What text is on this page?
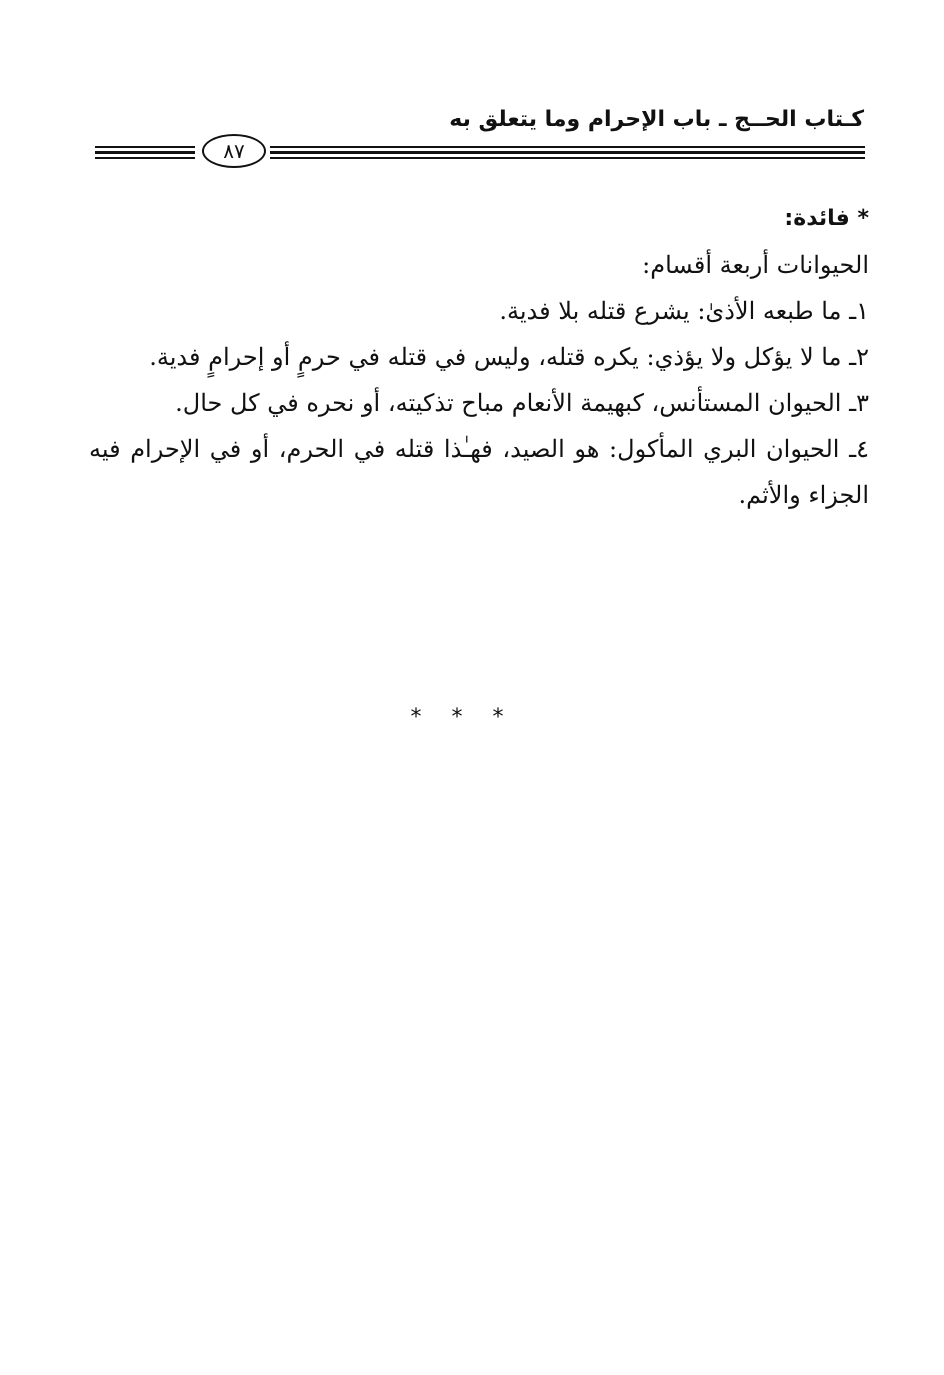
كـتاب الحــج ـ باب الإحرام وما يتعلق به
٨٧

* فائدة:

الحيوانات أربعة أقسام:

١ـ ما طبعه الأذىٰ: يشرع قتله بلا فدية.

٢ـ ما لا يؤكل ولا يؤذي: يكره قتله، وليس في قتله في حرمٍ أو إحرامٍ فدية.

٣ـ الحيوان المستأنس، كبهيمة الأنعام مباح تذكيته، أو نحره في كل حال.

٤ـ الحيوان البري المأكول: هو الصيد، فهـٰذا قتله في الحرم، أو في الإحرام فيه الجزاء والأثم.

***
